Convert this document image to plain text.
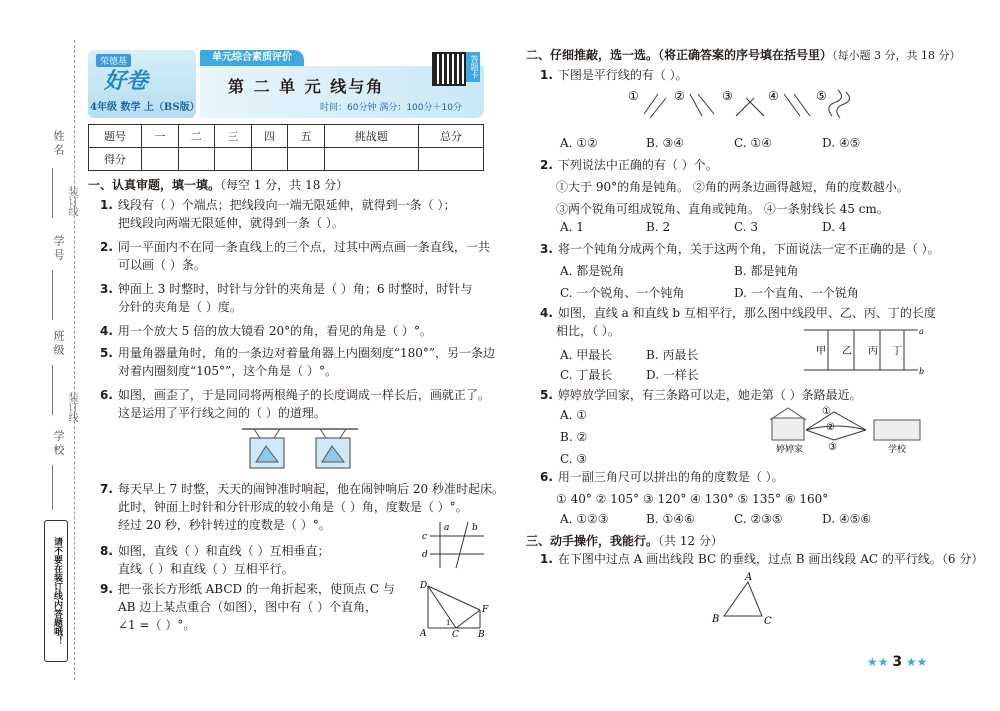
姓名
装订线
学号
班级
装订线
学校
请不要在装订线内答题哦！
荣德基
好卷
4年级 数学 上（BS版）
单元综合素质评价
第 二 单 元 线与角
时间：60分钟 满分：100分＋10分
答题卡
题号	一	二	三	四	五	挑战题	总分
得分							
一、认真审题，填一填。（每空 1 分，共 18 分）
1. 线段有（ ）个端点；把线段向一端无限延伸，就得到一条（ ）；
把线段向两端无限延伸，就得到一条（ ）。
2. 同一平面内不在同一条直线上的三个点，过其中两点画一条直线，一共
可以画（ ）条。
3. 钟面上 3 时整时，时针与分针的夹角是（ ）角；6 时整时，时针与
分针的夹角是（ ）度。
4. 用一个放大 5 倍的放大镜看 20°的角，看见的角是（ ）°。
5. 用量角器量角时，角的一条边对着量角器上内圈刻度“180°”，另一条边
对着内圈刻度“105°”，这个角是（ ）°。
6. 如图，画歪了，于是同同将两根绳子的长度调成一样长后，画就正了。
这是运用了平行线之间的（ ）的道理。
7. 每天早上 7 时整，天天的闹钟准时响起，他在闹钟响后 20 秒准时起床。
此时，钟面上时针和分针形成的较小角是（ ）角，度数是（ ）°。
经过 20 秒，秒针转过的度数是（ ）°。	a	b
c
d
8. 如图，直线（ ）和直线（ ）互相垂直；
直线（ ）和直线（ ）互相平行。
9. 把一张长方形纸 ABCD 的一角折起来，使顶点 C 与
AB 边上某点重合（如图），图中有（ ）个直角，
∠1 =（ ）°。
D
A	C B
F
1
二、仔细推敲，选一选。（将正确答案的序号填在括号里）（每小题 3 分，共 18 分）
1. 下图是平行线的有（ ）。
①	②	③	④	⑤
A. ①②	B. ③④	C. ①④	D. ④⑤
2. 下列说法中正确的有（ ）个。
①大于 90°的角是钝角。 ②角的两条边画得越短，角的度数越小。
③两个锐角可组成锐角、直角或钝角。 ④一条射线长 45 cm。
A. 1	B. 2	C. 3	D. 4
3. 将一个钝角分成两个角，关于这两个角，下面说法一定不正确的是（ ）。
A. 都是锐角	B. 都是钝角
C. 一个锐角、一个钝角	D. 一个直角、一个锐角
4. 如图，直线 a 和直线 b 互相平行，那么图中线段甲、乙、丙、丁的长度
相比，（ ）。
A. 甲最长	B. 丙最长
C. 丁最长	D. 一样长
甲 乙 丙 丁
a
b
5. 婷婷放学回家，有三条路可以走，她走第（ ）条路最近。
A. ①
B. ②
C. ③
①
②
③
婷婷家	学校
6. 用一副三角尺可以拼出的角的度数是（ ）。
① 40° ② 105° ③ 120° ④ 130° ⑤ 135° ⑥ 160°
A. ①②③	B. ①④⑥	C. ②③⑤	D. ④⑤⑥
三、动手操作，我能行。（共 12 分）
1. 在下图中过点 A 画出线段 BC 的垂线，过点 B 画出线段 AC 的平行线。（6 分）
A
B	C
★★ 3 ★★
